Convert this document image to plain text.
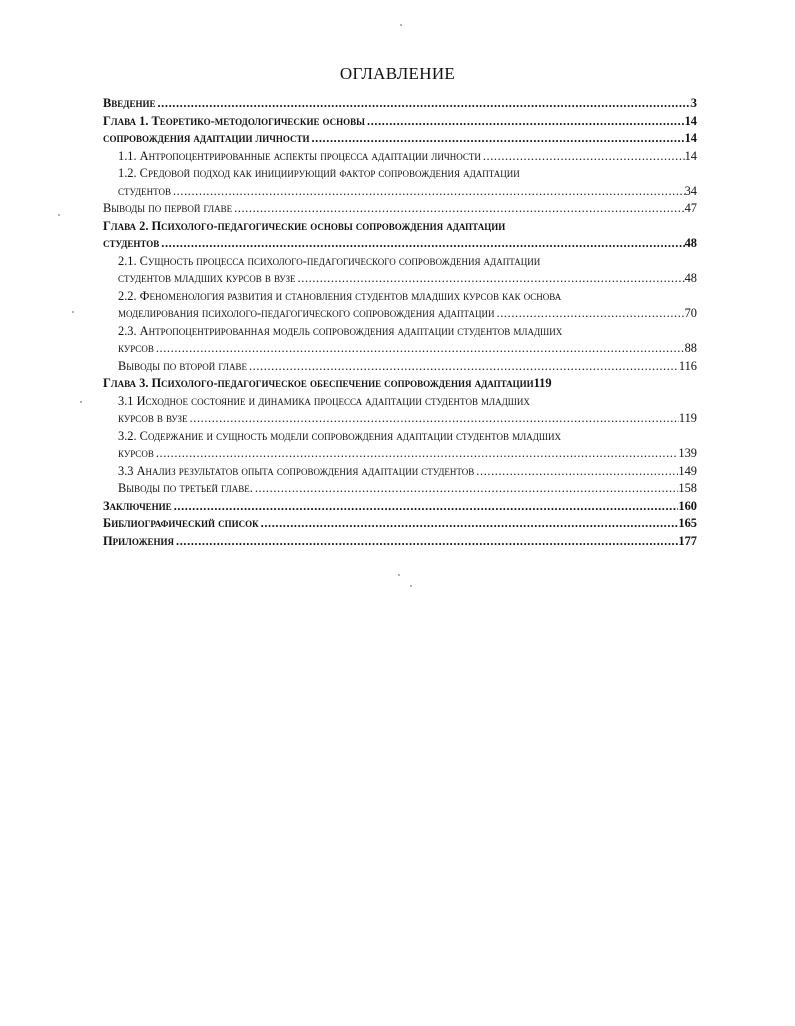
ОГЛАВЛЕНИЕ
Введение .....	3
Глава 1. Теоретико-методологические основы .....	14
сопровождения адаптации личности .....	14
1.1. Антропоцентрированные аспекты процесса адаптации личности .....	14
1.2. Средовой подход как инициирующий фактор сопровождения адаптации
студентов .....	34
Выводы по первой главе .....	47
Глава 2. Психолого-педагогические основы сопровождения адаптации
студентов .....	48
2.1. Сущность процесса психолого-педагогического сопровождения адаптации
студентов младших курсов в вузе .....	48
2.2. Феноменология развития и становления студентов младших курсов как основа
моделирования психолого-педагогического сопровождения адаптации .....	70
2.3. Антропоцентрированная модель сопровождения адаптации студентов младших
курсов .....	88
Выводы по второй главе .....	116
Глава 3. Психолого-педагогическое обеспечение сопровождения адаптации 119
3.1 Исходное состояние и динамика процесса адаптации студентов младших
курсов в вузе .....	119
3.2. Содержание и сущность модели сопровождения адаптации студентов младших
курсов .....	139
3.3 Анализ результатов опыта сопровождения адаптации студентов .....	149
Выводы по третьей главе. .....	158
Заключение .....	160
Библиографический список .....	165
Приложения .....	177
